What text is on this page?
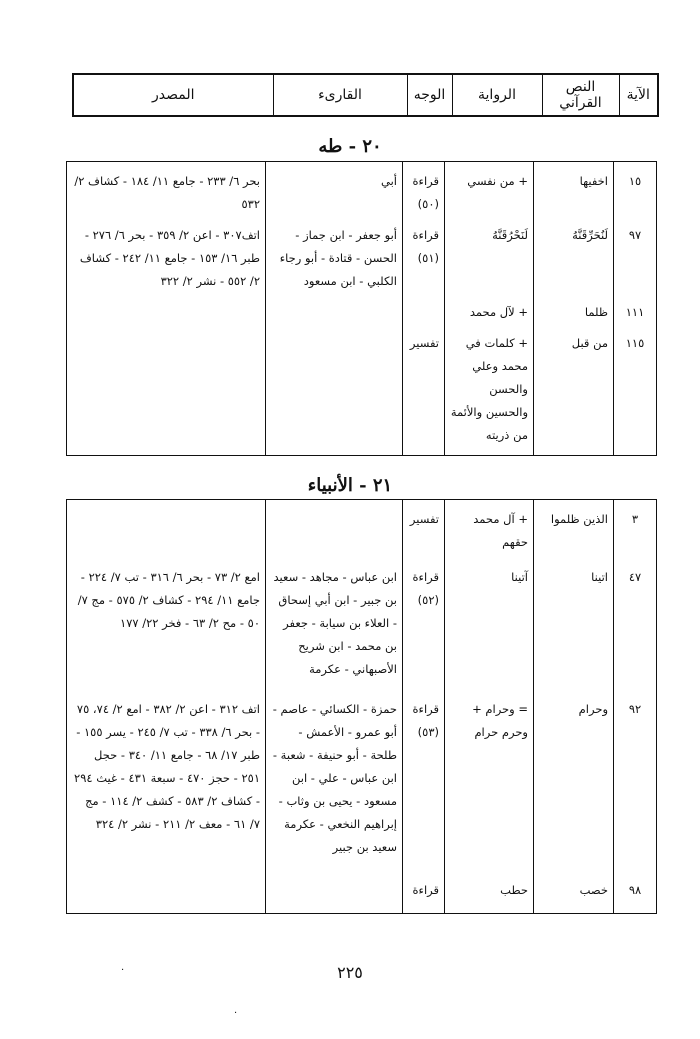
الآية	النص القرآني	الرواية	الوجه	القارىء	المصدر
٢٠ - طه
١٥	اخفيها	+ من نفسي	قراءة (٥٠)	أبي	بحر ٦/ ٢٣٣ - جامع ١١/ ١٨٤ - كشاف ٢/ ٥٣٢
٩٧	لَنُحَرِّقَنَّهُ	لَنَحْرُقَنَّهُ	قراءة (٥١)	أبو جعفر - ابن جماز - الحسن - قتادة - أبو رجاء الكلبي - ابن مسعود	اتف٣٠٧ - اعن ٢/ ٣٥٩ - بحر ٦/ ٢٧٦ - طبر ١٦/ ١٥٣ - جامع ١١/ ٢٤٢ - كشاف ٢/ ٥٥٢ - نشر ٢/ ٣٢٢
١١١	ظلما	+ لآل محمد			
١١٥	من قبل	+ كلمات في محمد وعلي والحسن والحسين والأئمة من ذريته	تفسير		
٢١ - الأنبياء
٣	الذين ظلموا	+ آل محمد حقهم	تفسير		
٤٧	اتينا	آتينا	قراءة (٥٢)	ابن عباس - مجاهد - سعيد بن جبير - ابن أبي إسحاق - العلاء بن سيابة - جعفر بن محمد - ابن شريح الأصبهاني - عكرمة	امع ٢/ ٧٣ - بحر ٦/ ٣١٦ - تب ٧/ ٢٢٤ - جامع ١١/ ٢٩٤ - كشاف ٢/ ٥٧٥ - مج ٧/ ٥٠ - مح ٢/ ٦٣ - فخر ٢٢/ ١٧٧
٩٢	وحرام	= وحرام + وحرم حرام	قراءة (٥٣)	حمزة - الكسائي - عاصم - أبو عمرو - الأعمش - طلحة - أبو حنيفة - شعبة - ابن عباس - علي - ابن مسعود - يحيى بن وثاب - إبراهيم النخعي - عكرمة سعيد بن جبير	اتف ٣١٢ - اعن ٢/ ٣٨٢ - امع ٢/ ٧٤، ٧٥ - بحر ٦/ ٣٣٨ - تب ٧/ ٢٤٥ - يسر ١٥٥ - طبر ١٧/ ٦٨ - جامع ١١/ ٣٤٠ - حجل ٢٥١ - حجز ٤٧٠ - سبعة ٤٣١ - غيث ٢٩٤ - كشاف ٢/ ٥٨٣ - كشف ٢/ ١١٤ - مج ٧/ ٦١ - معف ٢/ ٢١١ - نشر ٢/ ٣٢٤
٩٨	خصب	حطب	قراءة		
٢٢٥
·
·
